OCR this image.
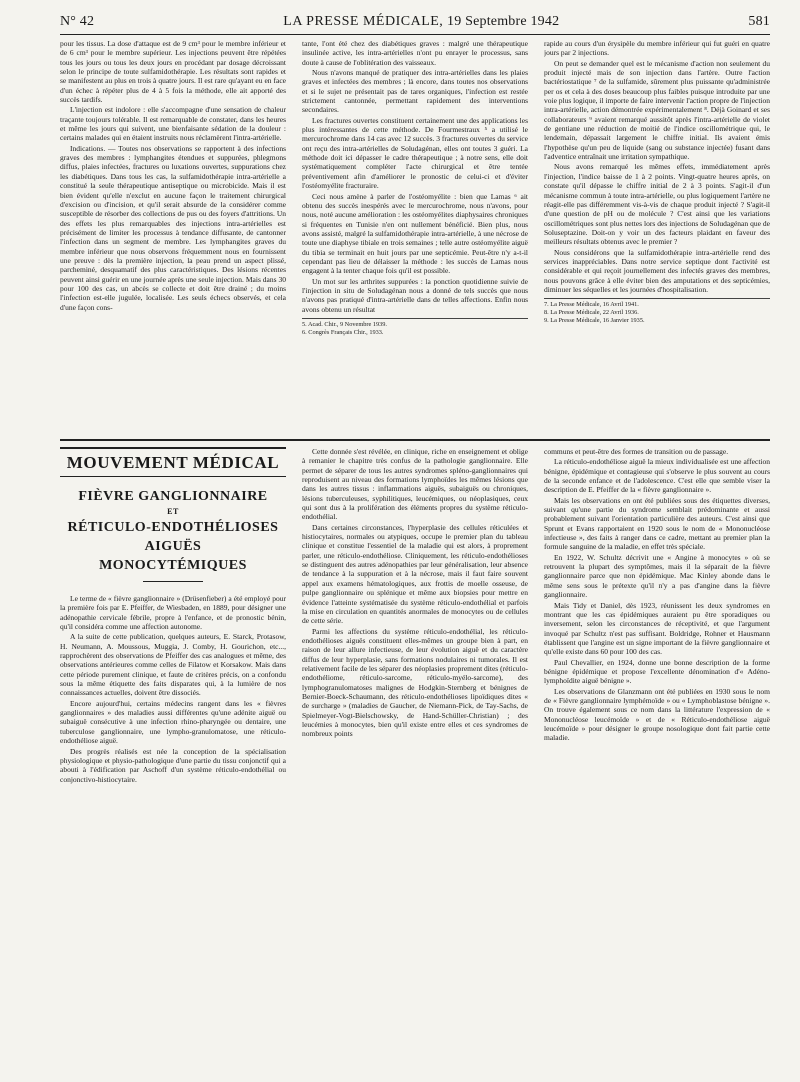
N° 42	LA PRESSE MÉDICALE, 19 Septembre 1942	581

pour les tissus. La dose d'attaque est de 9 cm³ pour le membre inférieur et de 6 cm³ pour le membre supérieur. Les injections peuvent être répétées tous les jours ou tous les deux jours en procédant par dosage décroissant selon le principe de toute sulfamidothérapie. Les résultats sont rapides et se manifestent au plus en trois à quatre jours. Il est rare qu'ayant eu en face d'un échec à répéter plus de 4 à 5 fois la méthode, elle ait apporté des succès tardifs.

L'injection est indolore : elle s'accompagne d'une sensation de chaleur traçante toujours tolérable. Il est remarquable de constater, dans les heures et même les jours qui suivent, une bienfaisante sédation de la douleur : certains malades qui en étaient instruits nous réclamèrent l'intra-artérielle.

Indications. — Toutes nos observations se rapportent à des infections graves des membres : lymphangites étendues et suppurées, phlegmons diffus, plaies infectées, fractures ou luxations ouvertes, suppurations chez les diabétiques. Dans tous les cas, la sulfamidothérapie intra-artérielle a constitué la seule thérapeutique antiseptique ou microbicide. Mais il est bien évident qu'elle n'exclut en aucune façon le traitement chirurgical d'excision ou d'incision, et qu'il serait absurde de la considérer comme susceptible de résorber des collections de pus ou des foyers d'attritions. Un des effets les plus remarquables des injections intra-artérielles est précisément de limiter les processus à tendance diffusante, de cantonner l'infection dans un segment de membre. Les lymphangites graves du membre inférieur que nous observons fréquemment nous en fournissent une preuve : dès la première injection, la peau prend un aspect plissé, parcheminé, desquamatif des plus caractéristiques. Des lésions récentes peuvent ainsi guérir en une journée après une seule injection. Mais dans 30 pour 100 des cas, un abcès se collecte et doit être drainé ; du moins l'infection est-elle jugulée, localisée. Les seuls échecs observés, et cela d'une façon cons-

tante, l'ont été chez des diabétiques graves : malgré une thérapeutique insulinée active, les intra-artérielles n'ont pu enrayer le processus, sans doute à cause de l'oblitération des vaisseaux.

Nous n'avons manqué de pratiquer des intra-artérielles dans les plaies graves et infectées des membres ; là encore, dans toutes nos observations et si le sujet ne présentait pas de tares organiques, l'infection est restée strictement cantonnée, permettant rapidement des interventions secondaires.

Les fractures ouvertes constituent certainement une des applications les plus intéressantes de cette méthode. De Fourmestraux ⁵ a utilisé le mercurochrome dans 14 cas avec 12 succès. 3 fractures ouvertes du service ont reçu des intra-artérielles de Soludagénan, elles ont toutes 3 guéri. La méthode doit ici dépasser le cadre thérapeutique ; à notre sens, elle doit systématiquement compléter l'acte chirurgical et être tentée préventivement afin d'améliorer le pronostic de celui-ci et d'éviter l'ostéomyélite fracturaire.

Ceci nous amène à parler de l'ostéomyélite : bien que Lamas ⁶ ait obtenu des succès inespérés avec le mercurochrome, nous n'avons, pour nous, noté aucune amélioration : les ostéomyélites diaphysaires chroniques si fréquentes en Tunisie n'en ont nullement bénéficié. Bien plus, nous avons assisté, malgré la sulfamidothérapie intra-artérielle, à une nécrose de toute une diaphyse tibiale en trois semaines ; telle autre ostéomyélite aiguë du tibia se terminait en huit jours par une septicémie. Peut-être n'y a-t-il cependant pas lieu de délaisser la méthode : les succès de Lamas nous engagent à la tenter chaque fois qu'il est possible.

Un mot sur les arthrites suppurées : la ponction quotidienne suivie de l'injection in situ de Soludagénan nous a donné de tels succès que nous n'avons pas pratiqué d'intra-artérielle dans de telles affections. Enfin nous avons obtenu un résultat

5. Acad. Chir., 9 Novembre 1939.
6. Congrès Français Chir., 1933.

rapide au cours d'un érysipèle du membre inférieur qui fut guéri en quatre jours par 2 injections.

On peut se demander quel est le mécanisme d'action non seulement du produit injecté mais de son injection dans l'artère. Outre l'action bactériostatique ⁷ de la sulfamide, sûrement plus puissante qu'administrée per os et cela à des doses beaucoup plus faibles puisque introduite par une voie plus logique, il importe de faire intervenir l'action propre de l'injection intra-artérielle, action démontrée expérimentalement ⁸. Déjà Goinard et ses collaborateurs ⁹ avaient remarqué aussitôt après l'intra-artérielle de violet de gentiane une réduction de moitié de l'indice oscillométrique qui, le lendemain, dépassait largement le chiffre initial. Ils avaient émis l'hypothèse qu'un peu de liquide (sang ou substance injectée) fusant dans l'adventice entraînait une irritation sympathique.

Nous avons remarqué les mêmes effets, immédiatement après l'injection, l'indice baisse de 1 à 2 points. Vingt-quatre heures après, on constate qu'il dépasse le chiffre initial de 2 à 3 points. S'agit-il d'un mécanisme commun à toute intra-artérielle, ou plus logiquement l'artère ne réagit-elle pas différemment vis-à-vis de chaque produit injecté ? S'agit-il d'une question de pH ou de molécule ? C'est ainsi que les variations oscillométriques sont plus nettes lors des injections de Soludagénan que de Soluseptazine. Doit-on y voir un des facteurs plaidant en faveur des meilleurs résultats obtenus avec le premier ?

Nous considérons que la sulfamidothérapie intra-artérielle rend des services inappréciables. Dans notre service septique dont l'activité est considérable et qui reçoit journellement des infectés graves des membres, nous pouvons grâce à elle éviter bien des amputations et des septicémies, diminuer les séquelles et les journées d'hospitalisation.

7. La Presse Médicale, 16 Avril 1941.
8. La Presse Médicale, 22 Avril 1936.
9. La Presse Médicale, 16 Janvier 1935.
MOUVEMENT MÉDICAL
FIÈVRE GANGLIONNAIRE
ET
RÉTICULO-ENDOTHÉLIOSES
AIGUËS
MONOCYTÉMIQUES

Le terme de « fièvre ganglionnaire » (Drüsenfieber) a été employé pour la première fois par E. Pfeiffer, de Wiesbaden, en 1889, pour désigner une adénopathie cervicale fébrile, propre à l'enfance, et de pronostic bénin, qu'il considéra comme une affection autonome.

A la suite de cette publication, quelques auteurs, E. Starck, Protasow, H. Neumann, A. Moussous, Muggia, J. Comby, H. Gourichon, etc..., rapprochèrent des observations de Pfeiffer des cas analogues et même, des observations antérieures comme celles de Filatow et Korsakow. Mais dans cette période purement clinique, et faute de critères précis, on a confondu sous la même étiquette des faits disparates qui, à la lumière de nos connaissances actuelles, doivent être dissociés.

Encore aujourd'hui, certains médecins rangent dans les « fièvres ganglionnaires » des maladies aussi différentes qu'une adénite aiguë ou subaiguë consécutive à une infection rhino-pharyngée ou dentaire, une tuberculose ganglionnaire, une lympho-granulomatose, une réticulo-endothéliose aiguë.

Des progrès réalisés est née la conception de la spécialisation physiologique et physio-pathologique d'une partie du tissu conjonctif qui a abouti à l'édification par Aschoff d'un système réticulo-endothélial ou conjonctivo-histiocytaire.

Cette donnée s'est révélée, en clinique, riche en enseignement et oblige à remanier le chapitre très confus de la pathologie ganglionnaire. Elle permet de séparer de tous les autres syndromes spléno-ganglionnaires qui reproduisent au niveau des formations lymphoïdes les mêmes lésions que dans les autres tissus : inflammations aiguës, subaiguës ou chroniques, lésions tuberculeuses, syphilitiques, leucémiques, ou néoplasiques, ceux qui sont dus à la prolifération des éléments propres du système réticulo-endothélial.

Dans certaines circonstances, l'hyperplasie des cellules réticulées et histiocytaires, normales ou atypiques, occupe le premier plan du tableau clinique et constitue l'essentiel de la maladie qui est alors, à proprement parler, une réticulo-endothéliose. Cliniquement, les réticulo-endothélioses se distinguent des autres adénopathies par leur généralisation, leur absence de tendance à la suppuration et à la nécrose, mais il faut faire souvent appel aux examens hématologiques, aux frottis de moelle osseuse, de pulpe ganglionnaire ou splénique et même aux biopsies pour mettre en évidence l'atteinte systématisée du système réticulo-endothélial et parfois la mise en circulation en quantités anormales de monocytes ou de cellules de cette série.

Parmi les affections du système réticulo-endothélial, les réticulo-endothélioses aiguës constituent elles-mêmes un groupe bien à part, en raison de leur allure infectieuse, de leur évolution aiguë et du caractère diffus de leur hyperplasie, sans formations nodulaires ni tumorales. Il est relativement facile de les séparer des néoplasies proprement dites (réticulo-endothéliome, réticulo-sarcome, réticulo-myélo-sarcome), des lymphogranulomatoses malignes de Hodgkin-Sternberg et bénignes de Bernier-Boeck-Schaumann, des réticulo-endothélioses lipoïdiques dites « de surcharge » (maladies de Gaucher, de Niemann-Pick, de Tay-Sachs, de Spielmeyer-Vogt-Bielschowsky, de Hand-Schüller-Christian) ; des leucémies à monocytes, bien qu'il existe entre elles et ces syndromes de nombreux points

communs et peut-être des formes de transition ou de passage.

La réticulo-endothéliose aiguë la mieux individualisée est une affection bénigne, épidémique et contagieuse qui s'observe le plus souvent au cours de la seconde enfance et de l'adolescence. C'est elle que semble viser la description de E. Pfeiffer de la « fièvre ganglionnaire ».

Mais les observations en ont été publiées sous des étiquettes diverses, suivant qu'une partie du syndrome semblait prédominante et aussi probablement suivant l'orientation particulière des auteurs. C'est ainsi que Sprunt et Evans rapportaient en 1920 sous le nom de « Mononucléose infectieuse », des faits à ranger dans ce cadre, mettant au premier plan la formule sanguine de la maladie, en effet très spéciale.

En 1922, W. Schultz décrivit une « Angine à monocytes » où se retrouvent la plupart des symptômes, mais il la séparait de la fièvre ganglionnaire parce que non épidémique. Mac Kinley abonde dans le même sens sous le prétexte qu'il n'y a pas d'angine dans la fièvre ganglionnaire.

Mais Tidy et Daniel, dès 1923, réunissent les deux syndromes en montrant que les cas épidémiques auraient pu être sporadiques ou inversement, selon les circonstances de réceptivité, et que l'argument invoqué par Schultz n'est pas suffisant. Boldridge, Rohner et Hausmann établissent que l'angine est un signe important de la fièvre ganglionnaire et qu'elle existe dans 60 pour 100 des cas.

Paul Chevallier, en 1924, donne une bonne description de la forme bénigne épidémique et propose l'excellente dénomination d'« Adéno-lymphoïdite aiguë bénigne ».

Les observations de Glanzmann ont été publiées en 1930 sous le nom de « Fièvre ganglionnaire lymphémoïde » ou « Lymphoblastose bénigne ». On trouve également sous ce nom dans la littérature l'expression de « Mononucléose leucémoïde » et de « Réticulo-endothéliose aiguë leucémoïde » pour désigner le groupe nosologique dont fait partie cette maladie.
